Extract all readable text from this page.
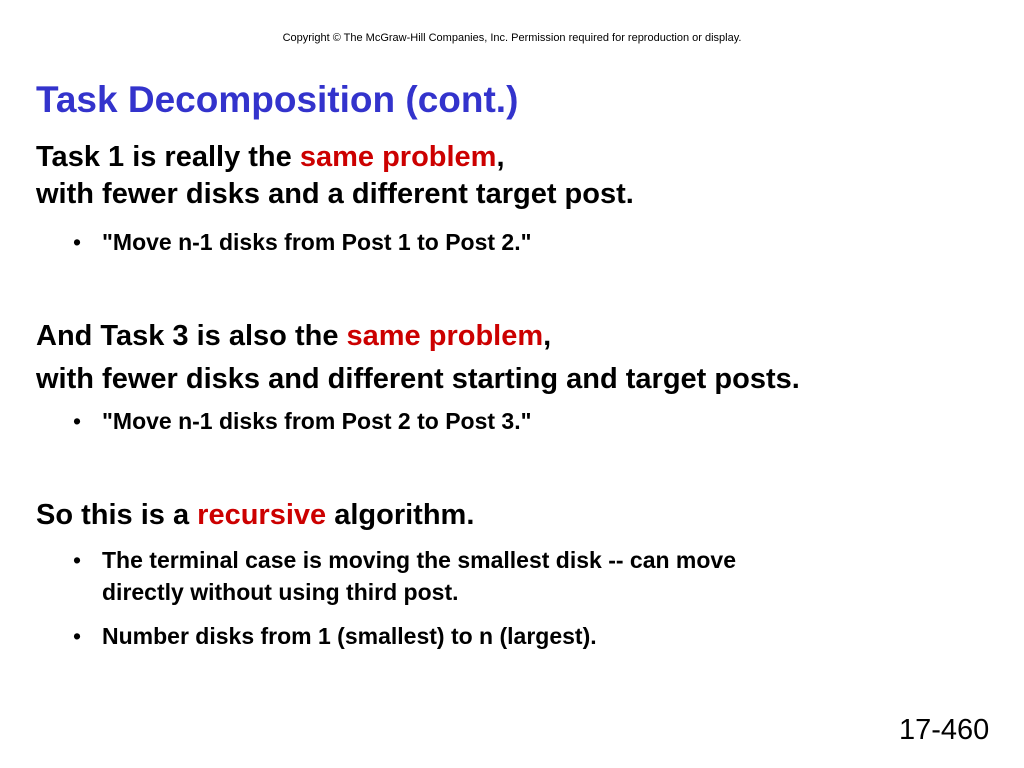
Copyright © The McGraw-Hill Companies, Inc. Permission required for reproduction or display.
Task Decomposition (cont.)

Task 1 is really the same problem,

with fewer disks and a different target post.

• "Move n-1 disks from Post 1 to Post 2."

And Task 3 is also the same problem,

with fewer disks and different starting and target posts.

• "Move n-1 disks from Post 2 to Post 3."

So this is a recursive algorithm.

• The terminal case is moving the smallest disk -- can move
directly without using third post.
• Number disks from 1 (smallest) to n (largest).
17-460
